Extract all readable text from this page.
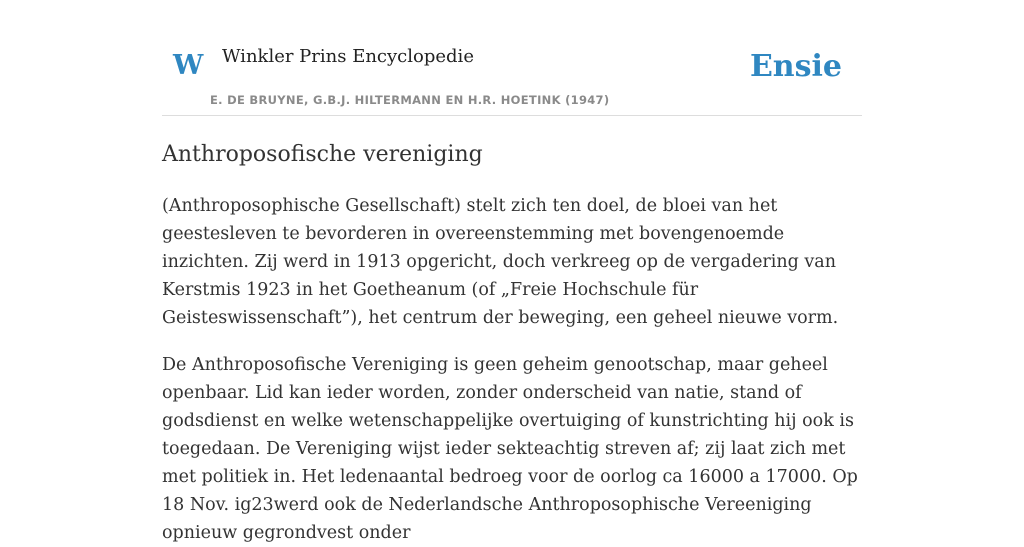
W Winkler Prins Encyclopedie
E. DE BRUYNE, G.B.J. HILTERMANN EN H.R. HOETINK (1947)
Ensie
Anthroposofische vereniging

(Anthroposophische Gesellschaft) stelt zich ten doel, de bloei van het geestesleven te bevorderen in overeenstemming met bovengenoemde inzichten. Zij werd in 1913 opgericht, doch verkreeg op de vergadering van Kerstmis 1923 in het Goetheanum (of „Freie Hochschule für Geisteswissenschaft”), het centrum der beweging, een geheel nieuwe vorm.

De Anthroposofische Vereniging is geen geheim genootschap, maar geheel openbaar. Lid kan ieder worden, zonder onderscheid van natie, stand of godsdienst en welke wetenschappelijke overtuiging of kunstrichting hij ook is toegedaan. De Vereniging wijst ieder sekteachtig streven af; zij laat zich met met politiek in. Het ledenaantal bedroeg voor de oorlog ca 16000 a 17000. Op 18 Nov. ig23werd ook de Nederlandsche Anthroposophische Vereeniging opnieuw gegrondvest onder
